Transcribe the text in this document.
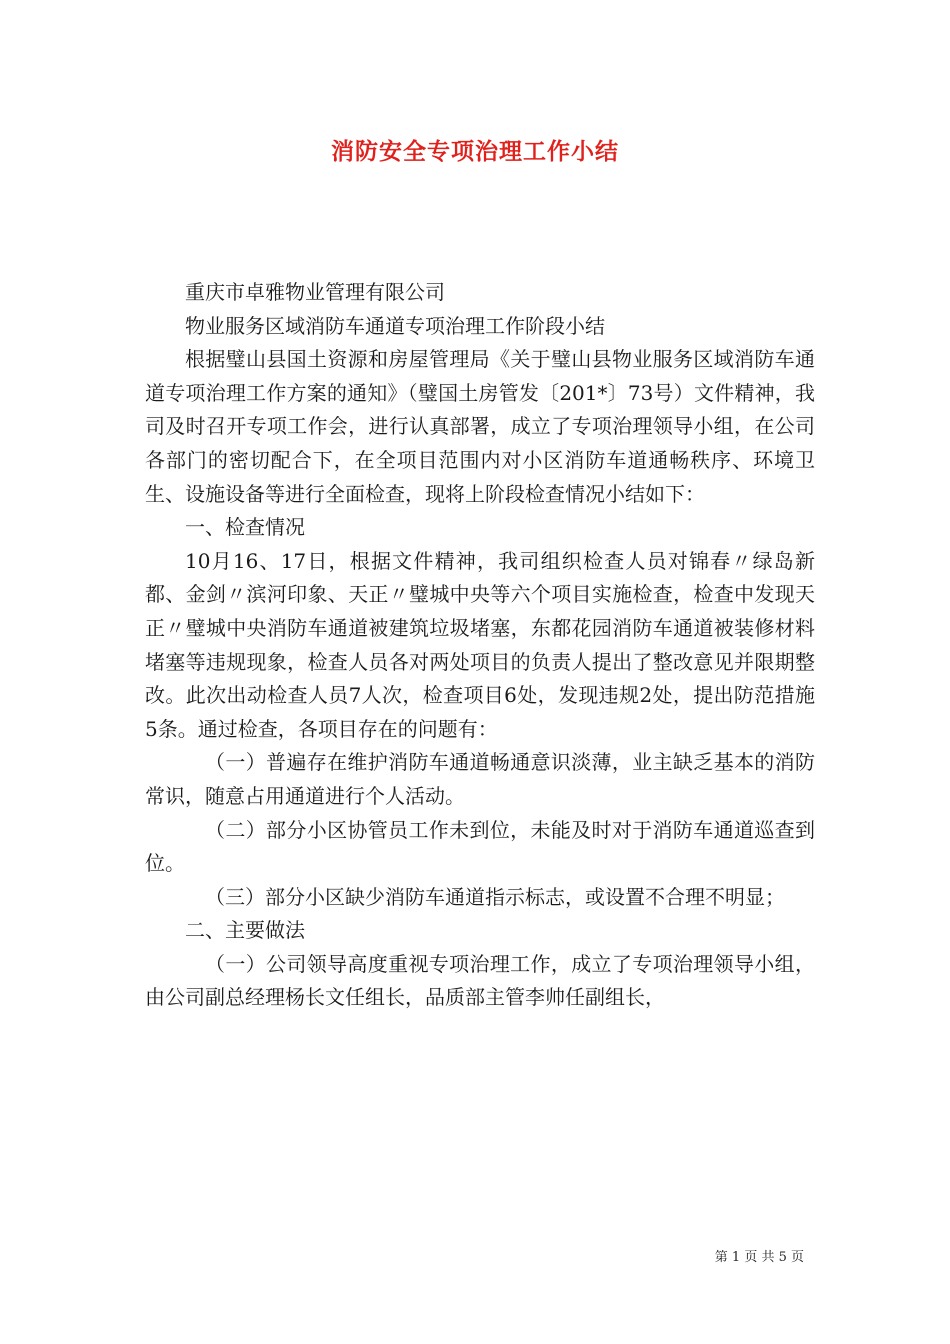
消防安全专项治理工作小结

重庆市卓雅物业管理有限公司

物业服务区域消防车通道专项治理工作阶段小结

根据璧山县国土资源和房屋管理局《关于璧山县物业服务区域消防车通道专项治理工作方案的通知》（璧国土房管发〔201*〕73号）文件精神，我司及时召开专项工作会，进行认真部署，成立了专项治理领导小组，在公司各部门的密切配合下，在全项目范围内对小区消防车道通畅秩序、环境卫生、设施设备等进行全面检查，现将上阶段检查情况小结如下：

一、检查情况

10月16、17日，根据文件精神，我司组织检查人员对锦春〃绿岛新都、金剑〃滨河印象、天正〃璧城中央等六个项目实施检查，检查中发现天正〃璧城中央消防车通道被建筑垃圾堵塞，东都花园消防车通道被装修材料堵塞等违规现象，检查人员各对两处项目的负责人提出了整改意见并限期整改。此次出动检查人员7人次，检查项目6处，发现违规2处，提出防范措施5条。通过检查，各项目存在的问题有：

（一）普遍存在维护消防车通道畅通意识淡薄，业主缺乏基本的消防常识，随意占用通道进行个人活动。

（二）部分小区协管员工作未到位，未能及时对于消防车通道巡查到位。

（三）部分小区缺少消防车通道指示标志，或设置不合理不明显；

二、主要做法

（一）公司领导高度重视专项治理工作，成立了专项治理领导小组，由公司副总经理杨长文任组长，品质部主管李帅任副组长，

第 1 页 共 5 页
